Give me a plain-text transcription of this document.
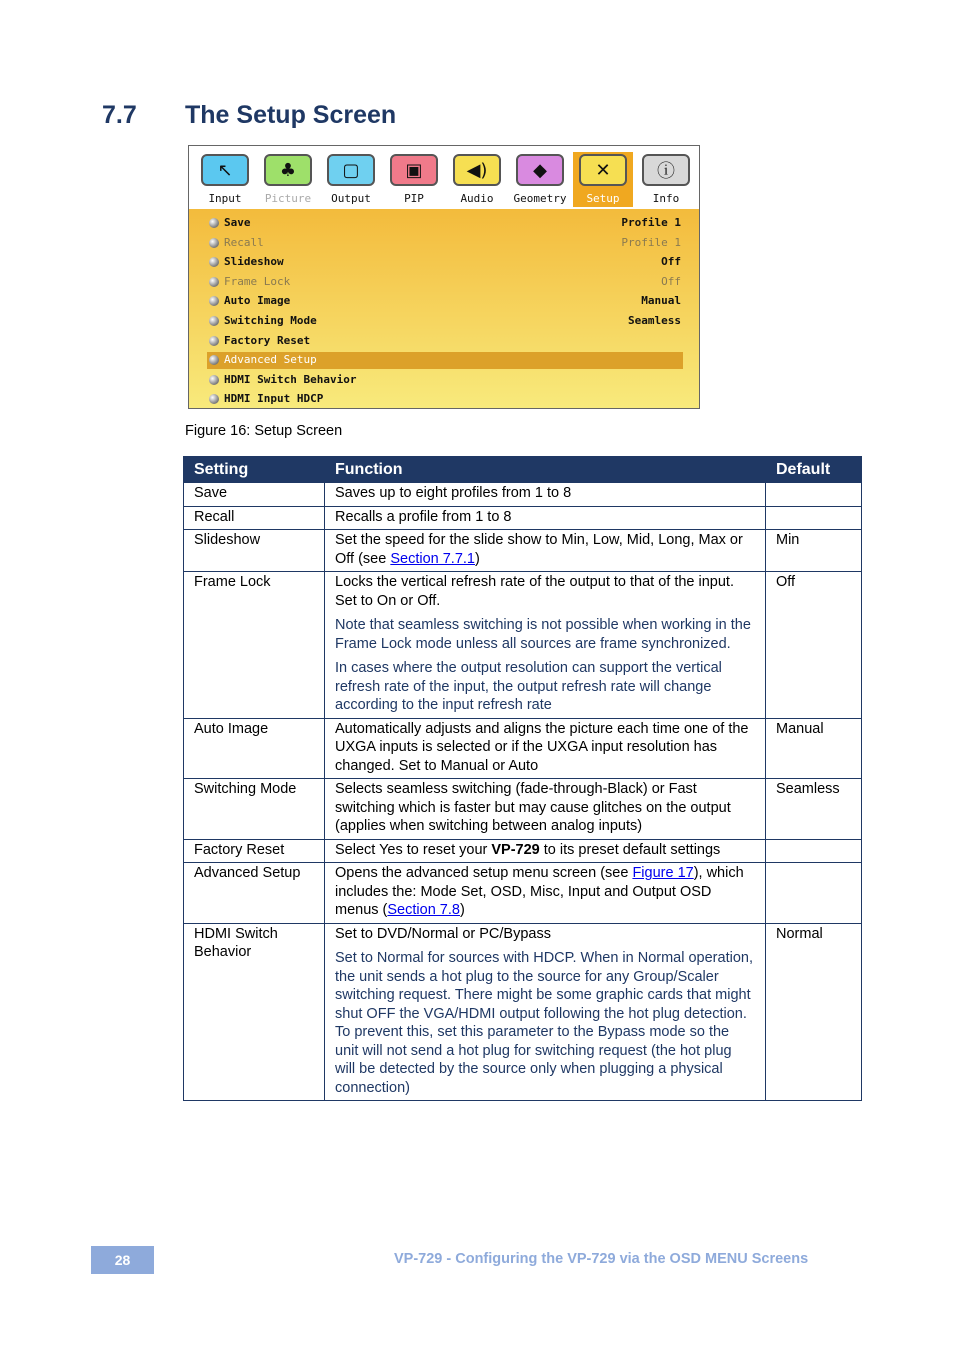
7.7 The Setup Screen
↖
Input
♣
Picture
▢
Output
▣
PIP
◀)
Audio
◆
Geometry
✕
Setup
ⓘ
Info
Save	Profile 1
Recall	Profile 1
Slideshow	Off
Frame Lock	Off
Auto Image	Manual
Switching Mode	Seamless
Factory Reset
Advanced Setup
HDMI Switch Behavior
HDMI Input HDCP
Figure 16: Setup Screen
Setting	Function	Default
Save	Saves up to eight profiles from 1 to 8	
Recall	Recalls a profile from 1 to 8	
Slideshow	Set the speed for the slide show to Min, Low, Mid, Long, Max or Off (see Section 7.7.1)	Min
Frame Lock	Locks the vertical refresh rate of the output to that of the input. Set to On or Off.
Note that seamless switching is not possible when working in the Frame Lock mode unless all sources are frame synchronized.
In cases where the output resolution can support the vertical refresh rate of the input, the output refresh rate will change according to the input refresh rate	Off
Auto Image	Automatically adjusts and aligns the picture each time one of the UXGA inputs is selected or if the UXGA input resolution has changed. Set to Manual or Auto	Manual
Switching Mode	Selects seamless switching (fade-through-Black) or Fast switching which is faster but may cause glitches on the output (applies when switching between analog inputs)	Seamless
Factory Reset	Select Yes to reset your VP-729 to its preset default settings	
Advanced Setup	Opens the advanced setup menu screen (see Figure 17), which includes the: Mode Set, OSD, Misc, Input and Output OSD menus (Section 7.8)	
HDMI Switch Behavior	Set to DVD/Normal or PC/Bypass
Set to Normal for sources with HDCP. When in Normal operation, the unit sends a hot plug to the source for any Group/Scaler switching request. There might be some graphic cards that might shut OFF the VGA/HDMI output following the hot plug detection. To prevent this, set this parameter to the Bypass mode so the unit will not send a hot plug for switching request (the hot plug will be detected by the source only when plugging a physical connection)	Normal
28	VP-729 - Configuring the VP-729 via the OSD MENU Screens
